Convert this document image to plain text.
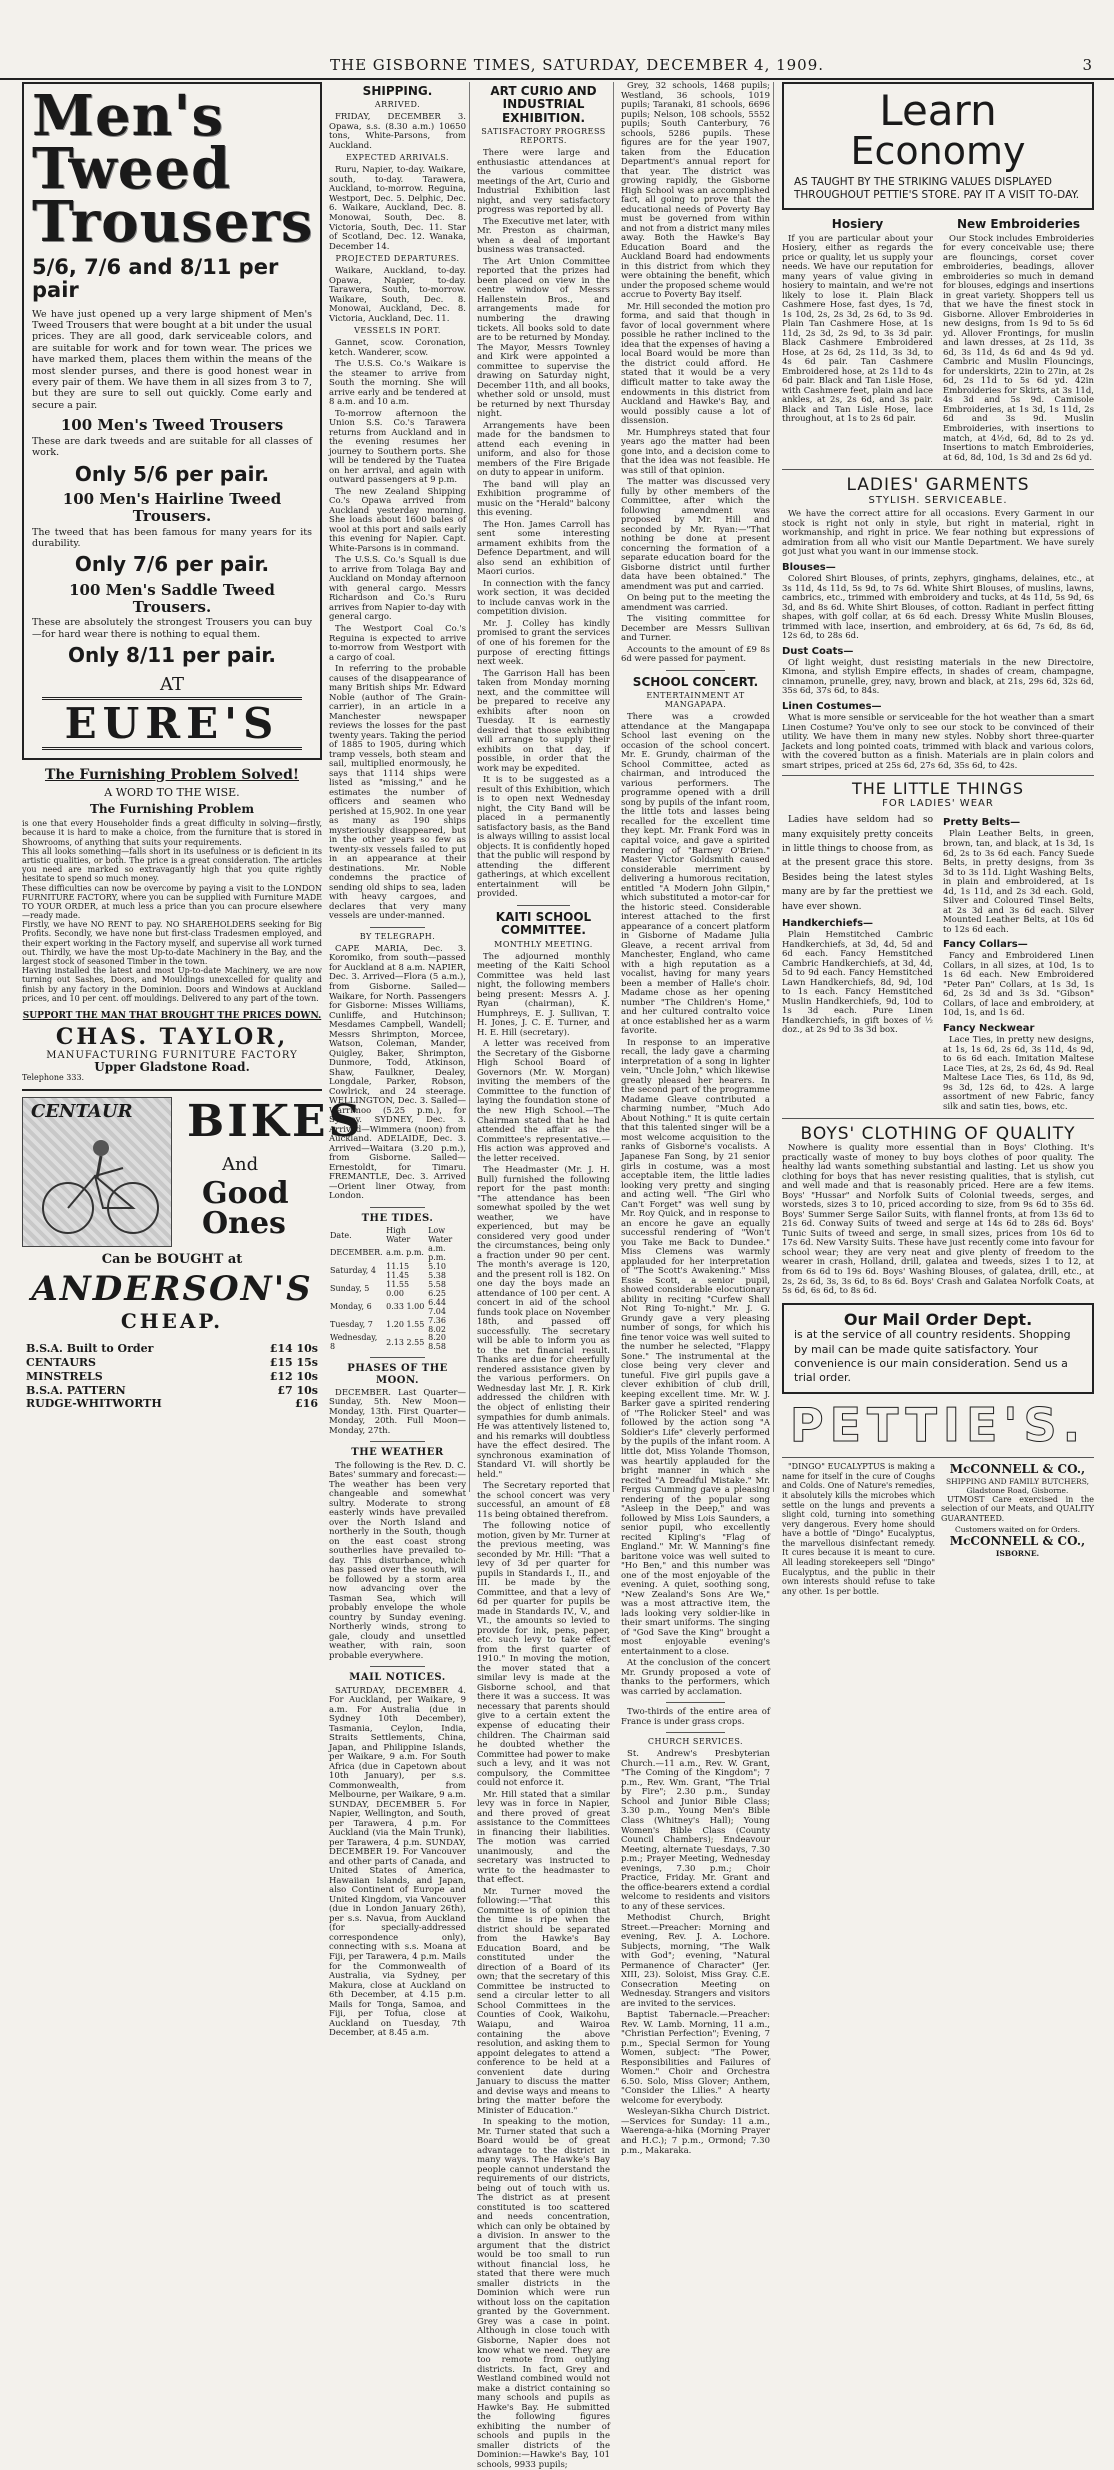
THE GISBORNE TIMES, SATURDAY, DECEMBER 4, 1909.	3
Men's
Tweed
Trousers
5/6, 7/6 and 8/11 per pair
We have just opened up a very large shipment of Men's Tweed Trousers that were bought at a bit under the usual prices. They are all good, dark serviceable colors, and are suitable for work and for town wear. The prices we have marked them, places them within the means of the most slender purses, and there is good honest wear in every pair of them. We have them in all sizes from 3 to 7, but they are sure to sell out quickly. Come early and secure a pair.
100 Men's Tweed Trousers
These are dark tweeds and are suitable for all classes of work.
Only 5/6 per pair.
100 Men's Hairline Tweed Trousers.
The tweed that has been famous for many years for its durability.
Only 7/6 per pair.
100 Men's Saddle Tweed Trousers.
These are absolutely the strongest Trousers you can buy—for hard wear there is nothing to equal them.
Only 8/11 per pair.
AT
EURE'S
The Furnishing Problem Solved!
A WORD TO THE WISE.
The Furnishing Problem
is one that every Householder finds a great difficulty in solving—firstly, because it is hard to make a choice, from the furniture that is stored in Showrooms, of anything that suits your requirements.
This all looks something—falls short in its usefulness or is deficient in its artistic qualities, or both. The price is a great consideration. The articles you need are marked so extravagantly high that you quite rightly hesitate to spend so much money.
These difficulties can now be overcome by paying a visit to the LONDON FURNITURE FACTORY, where you can be supplied with Furniture MADE TO YOUR ORDER, at much less a price than you can procure elsewhere—ready made.
Firstly, we have NO RENT to pay. NO SHAREHOLDERS seeking for Big Profits. Secondly, we have none but first-class Tradesmen employed, and their expert working in the Factory myself, and supervise all work turned out. Thirdly, we have the most Up-to-date Machinery in the Bay, and the largest stock of seasoned Timber in the town.
Having installed the latest and most Up-to-date Machinery, we are now turning out Sashes, Doors, and Mouldings unexcelled for quality and finish by any factory in the Dominion. Doors and Windows at Auckland prices, and 10 per cent. off mouldings. Delivered to any part of the town.
SUPPORT THE MAN THAT BROUGHT THE PRICES DOWN.
CHAS. TAYLOR,
MANUFACTURING FURNITURE FACTORY
Upper Gladstone Road.
Telephone 333.
CENTAUR BIKES
And
Good
Ones
Can be BOUGHT at
ANDERSON'S
CHEAP.
B.S.A. Built to Order	£14 10s
CENTAURS	£15 15s
MINSTRELS	£12 10s
B.S.A. PATTERN	£7 10s
RUDGE-WHITWORTH	£16
SHIPPING.
ARRIVED.
FRIDAY, DECEMBER 3. Opawa, s.s. (8.30 a.m.) 10650 tons, White-Parsons, from Auckland.
EXPECTED ARRIVALS.
Ruru, Napier, to-day. Waikare, south, to-day. Tarawera, Auckland, to-morrow. Reguina, Westport, Dec. 5. Delphic, Dec. 6. Waikare, Auckland, Dec. 8. Monowai, South, Dec. 8. Victoria, South, Dec. 11. Star of Scotland, Dec. 12. Wanaka, December 14.
PROJECTED DEPARTURES.
Waikare, Auckland, to-day. Opawa, Napier, to-day. Tarawera, South, to-morrow. Waikare, South, Dec. 8. Monowai, Auckland, Dec. 8. Victoria, Auckland, Dec. 11.
VESSELS IN PORT.
Gannet, scow. Coronation, ketch. Wanderer, scow.
The U.S.S. Co.'s Waikare is the steamer to arrive from South the morning. She will arrive early and be tendered at 8 a.m. and 10 a.m.
To-morrow afternoon the Union S.S. Co.'s Tarawera returns from Auckland and in the evening resumes her journey to Southern ports. She will be tendered by the Tuatea on her arrival, and again with outward passengers at 9 p.m.
The new Zealand Shipping Co.'s Opawa arrived from Auckland yesterday morning. She loads about 1600 bales of wool at this port and sails early this evening for Napier. Capt. White-Parsons is in command.
The U.S.S. Co.'s Squall is due to arrive from Tolaga Bay and Auckland on Monday afternoon with general cargo. Messrs Richardson and Co.'s Ruru arrives from Napier to-day with general cargo.
The Westport Coal Co.'s Reguina is expected to arrive to-morrow from Westport with a cargo of coal.
In referring to the probable causes of the disappearance of many British ships Mr. Edward Noble (author of The Grain-carrier), in an article in a Manchester newspaper reviews the losses for the past twenty years. Taking the period of 1885 to 1905, during which tramp vessels, both steam and sail, multiplied enormously, he says that 1114 ships were listed as "missing," and he estimates the number of officers and seamen who perished at 15,902. In one year as many as 190 ships mysteriously disappeared, but in the other years so few as twenty-six vessels failed to put in an appearance at their destinations. Mr. Noble condemns the practice of sending old ships to sea, laden with heavy cargoes, and declares that very many vessels are under-manned.
BY TELEGRAPH.
CAPE MARIA, Dec. 3. Koromiko, from south—passed for Auckland at 8 a.m. NAPIER, Dec. 3. Arrived—Flora (5 a.m.), from Gisborne. Sailed—Waikare, for North. Passengers for Gisborne: Misses Williams, Cunliffe, and Hutchinson; Mesdames Campbell, Wandell; Messrs Shrimpton, Morcee, Watson, Coleman, Mander, Quigley, Baker, Shrimpton, Dunmore, Todd, Atkinson, Shaw, Faulkner, Dealey, Longdale, Parker, Robson, Cowlrick, and 24 steerage. WELLINGTON, Dec. 3. Sailed—Warrimoo (5.25 p.m.), for Sydney. SYDNEY, Dec. 3. Arrived—Wimmera (noon) from Auckland. ADELAIDE, Dec. 3. Arrived—Waitara (3.20 p.m.), from Gisborne. Sailed—Ernestoldt, for Timaru. FREMANTLE, Dec. 3. Arrived—Orient liner Otway, from London.
THE TIDES.
Date.	High Water	Low Water
DECEMBER.	a.m. p.m.	a.m. p.m.
Saturday, 4	11.15 11.45	5.10 5.38
Sunday, 5	11.55 0.00	5.58 6.25
Monday, 6	0.33 1.00	6.44 7.04
Tuesday, 7	1.20 1.55	7.36 8.02
Wednesday, 8	2.13 2.55	8.20 8.58
PHASES OF THE MOON.
DECEMBER. Last Quarter—Sunday, 5th. New Moon—Monday, 13th. First Quarter—Monday, 20th. Full Moon—Monday, 27th.
THE WEATHER
The following is the Rev. D. C. Bates' summary and forecast:—The weather has been very changeable and somewhat sultry. Moderate to strong easterly winds have prevailed over the North Island and northerly in the South, though on the east coast strong southerlies have prevailed to-day. This disturbance, which has passed over the south, will be followed by a storm area now advancing over the Tasman Sea, which will probably envelope the whole country by Sunday evening. Northerly winds, strong to gale, cloudy and unsettled weather, with rain, soon probable everywhere.
MAIL NOTICES.
SATURDAY, DECEMBER 4. For Auckland, per Waikare, 9 a.m. For Australia (due in Sydney 10th December), Tasmania, Ceylon, India, Straits Settlements, China, Japan, and Philippine Islands, per Waikare, 9 a.m. For South Africa (due in Capetown about 10th January), per s.s. Commonwealth, from Melbourne, per Waikare, 9 a.m. SUNDAY, DECEMBER 5. For Napier, Wellington, and South, per Tarawera, 4 p.m. For Auckland (via the Main Trunk), per Tarawera, 4 p.m. SUNDAY, DECEMBER 19. For Vancouver and other parts of Canada, and United States of America, Hawaiian Islands, and Japan, also Continent of Europe and United Kingdom, via Vancouver (due in London January 26th), per s.s. Navua, from Auckland (for specially-addressed correspondence only), connecting with s.s. Moana at Fiji, per Tarawera, 4 p.m. Mails for the Commonwealth of Australia, via Sydney, per Makura, close at Auckland on 6th December, at 4.15 p.m. Mails for Tonga, Samoa, and Fiji, per Tofua, close at Auckland on Tuesday, 7th December, at 8.45 a.m.
ART CURIO AND INDUSTRIAL EXHIBITION.
SATISFACTORY PROGRESS REPORTS.
There were large and enthusiastic attendances at the various committee meetings of the Art, Curio and Industrial Exhibition last night, and very satisfactory progress was reported by all.
The Executive met later, with Mr. Preston as chairman, when a deal of important business was transacted.
The Art Union Committee reported that the prizes had been placed on view in the centre window of Messrs Hallenstein Bros., and arrangements made for numbering the drawing tickets. All books sold to date are to be returned by Monday. The Mayor, Messrs Townley and Kirk were appointed a committee to supervise the drawing on Saturday night, December 11th, and all books, whether sold or unsold, must be returned by next Thursday night.
Arrangements have been made for the bandsmen to attend each evening in uniform, and also for those members of the Fire Brigade on duty to appear in uniform.
The band will play an Exhibition programme of music on the "Herald" balcony this evening.
The Hon. James Carroll has sent some interesting armament exhibits from the Defence Department, and will also send an exhibition of Maori curios.
In connection with the fancy work section, it was decided to include canvas work in the competition division.
Mr. J. Colley has kindly promised to grant the services of one of his foremen for the purpose of erecting fittings next week.
The Garrison Hall has been taken from Monday morning next, and the committee will be prepared to receive any exhibits after noon on Tuesday. It is earnestly desired that those exhibiting will arrange to supply their exhibits on that day, if possible, in order that the work may be expedited.
It is to be suggested as a result of this Exhibition, which is to open next Wednesday night, the City Band will be placed in a permanently satisfactory basis, as the Band is always willing to assist local objects. It is confidently hoped that the public will respond by attending the different gatherings, at which excellent entertainment will be provided.
KAITI SCHOOL COMMITTEE.
MONTHLY MEETING.
The adjourned monthly meeting of the Kaiti School Committee was held last night, the following members being present: Messrs A. J. Ryan (chairman), K. Humphreys, E. J. Sullivan, T. H. Jones, J. C. E. Turner, and H. E. Hill (secretary).
A letter was received from the Secretary of the Gisborne High School Board of Governors (Mr. W. Morgan) inviting the members of the Committee to the function of laying the foundation stone of the new High School.—The Chairman stated that he had attended the affair as the Committee's representative.—His action was approved and the letter received.
The Headmaster (Mr. J. H. Bull) furnished the following report for the past month: "The attendance has been somewhat spoiled by the wet weather, we have experienced, but may be considered very good under the circumstances, being only a fraction under 90 per cent. The month's average is 120, and the present roll is 182. On one day the boys made an attendance of 100 per cent. A concert in aid of the school funds took place on November 18th, and passed off successfully. The secretary will be able to inform you as to the net financial result. Thanks are due for cheerfully rendered assistance given by the various performers. On Wednesday last Mr. J. R. Kirk addressed the children with the object of enlisting their sympathies for dumb animals. He was attentively listened to, and his remarks will doubtless have the effect desired. The synchronous examination of Standard VI. will shortly be held."
The Secretary reported that the school concert was very successful, an amount of £8 11s being obtained therefrom.
The following notice of motion, given by Mr. Turner at the previous meeting, was seconded by Mr. Hill: "That a levy of 3d per quarter for pupils in Standards I., II., and III. be made by the Committee, and that a levy of 6d per quarter for pupils be made in Standards IV., V., and VI., the amounts so levied to provide for ink, pens, paper, etc. such levy to take effect from the first quarter of 1910." In moving the motion, the mover stated that a similar levy is made at the Gisborne school, and that there it was a success. It was necessary that parents should give to a certain extent the expense of educating their children. The Chairman said he doubted whether the Committee had power to make such a levy, and it was not compulsory, the Committee could not enforce it.
Mr. Hill stated that a similar levy was in force in Napier, and there proved of great assistance to the Committees in financing their liabilities. The motion was carried unanimously, and the secretary was instructed to write to the headmaster to that effect.
Mr. Turner moved the following:—"That this Committee is of opinion that the time is ripe when the district should be separated from the Hawke's Bay Education Board, and be constituted under the direction of a Board of its own; that the secretary of this Committee be instructed to send a circular letter to all School Committees in the Counties of Cook, Waikohu, Waiapu, and Wairoa containing the above resolution, and asking them to appoint delegates to attend a conference to be held at a convenient date during January to discuss the matter and devise ways and means to bring the matter before the Minister of Education."
In speaking to the motion, Mr. Turner stated that such a Board would be of great advantage to the district in many ways. The Hawke's Bay people cannot understand the requirements of our districts, being out of touch with us. The district as at present constituted is too scattered and needs concentration, which can only be obtained by a division. In answer to the argument that the district would be too small to run without financial loss, he stated that there were much smaller districts in the Dominion which were run without loss on the capitation granted by the Government. Grey was a case in point. Although in close touch with Gisborne, Napier does not know what we need. They are too remote from outlying districts. In fact, Grey and Westland combined would not make a district containing so many schools and pupils as Hawke's Bay. He submitted the following figures exhibiting the number of schools and pupils in the smaller districts of the Dominion:—Hawke's Bay, 101 schools, 9933 pupils;
Grey, 32 schools, 1468 pupils; Westland, 36 schools, 1019 pupils; Taranaki, 81 schools, 6696 pupils; Nelson, 108 schools, 5552 pupils; South Canterbury, 76 schools, 5286 pupils. These figures are for the year 1907, taken from the Education Department's annual report for that year. The district was growing rapidly, the Gisborne High School was an accomplished fact, all going to prove that the educational needs of Poverty Bay must be governed from within and not from a district many miles away. Both the Hawke's Bay Education Board and the Auckland Board had endowments in this district from which they were obtaining the benefit, which under the proposed scheme would accrue to Poverty Bay itself.
Mr. Hill seconded the motion pro forma, and said that though in favor of local government where possible he rather inclined to the idea that the expenses of having a local Board would be more than the district could afford. He stated that it would be a very difficult matter to take away the endowments in this district from Auckland and Hawke's Bay, and would possibly cause a lot of dissension.
Mr. Humphreys stated that four years ago the matter had been gone into, and a decision come to that the idea was not feasible. He was still of that opinion.
The matter was discussed very fully by other members of the Committee, after which the following amendment was proposed by Mr. Hill and seconded by Mr. Ryan:—"That nothing be done at present concerning the formation of a separate education board for the Gisborne district until further data have been obtained." The amendment was put and carried.
On being put to the meeting the amendment was carried.
The visiting committee for December are Messrs Sullivan and Turner.
Accounts to the amount of £9 8s 6d were passed for payment.
SCHOOL CONCERT.
ENTERTAINMENT AT MANGAPAPA.
There was a crowded attendance at the Mangapapa School last evening on the occasion of the school concert. Mr. E. Grundy, chairman of the School Committee, acted as chairman, and introduced the various performers. The programme opened with a drill song by pupils of the infant room, the little tots and lasses being recalled for the excellent time they kept. Mr. Frank Ford was in capital voice, and gave a spirited rendering of "Barney O'Brien." Master Victor Goldsmith caused considerable merriment by delivering a humorous recitation, entitled "A Modern John Gilpin," which substituted a motor-car for the historic steed. Considerable interest attached to the first appearance of a concert platform in Gisborne of Madame Julia Gleave, a recent arrival from Manchester, England, who came with a high reputation as a vocalist, having for many years been a member of Halle's choir. Madame chose as her opening number "The Children's Home," and her cultured contralto voice at once established her as a warm favorite.
In response to an imperative recall, the lady gave a charming interpretation of a song in lighter vein, "Uncle John," which likewise greatly pleased her hearers. In the second part of the programme Madame Gleave contributed a charming number, "Much Ado About Nothing." It is quite certain that this talented singer will be a most welcome acquisition to the ranks of Gisborne's vocalists. A Japanese Fan Song, by 21 senior girls in costume, was a most acceptable item, the little ladies looking very pretty and singing and acting well. "The Girl who Can't Forget" was well sung by Mr. Roy Quick, and in response to an encore he gave an equally successful rendering of "Won't you Take me Back to Dundee." Miss Clemens was warmly applauded for her interpretation of "The Scott's Awakening." Miss Essie Scott, a senior pupil, showed considerable elocutionary ability in reciting "Curfew Shall Not Ring To-night." Mr. J. G. Grundy gave a very pleasing number of songs, for which his fine tenor voice was well suited to the number he selected, "Flappy Sone." The instrumental at the close being very clever and tuneful. Five girl pupils gave a clever exhibition of club drill, keeping excellent time. Mr. W. J. Barker gave a spirited rendering of "The Rolicker Steel" and was followed by the action song "A Soldier's Life" cleverly performed by the pupils of the infant room. A little dot, Miss Yolande Thomson, was heartily applauded for the bright manner in which she recited "A Dreadful Mistake." Mr. Fergus Cumming gave a pleasing rendering of the popular song "Asleep in the Deep," and was followed by Miss Lois Saunders, a senior pupil, who excellently recited Kipling's "Flag of England." Mr. W. Manning's fine baritone voice was well suited to "Ho Ben," and this number was one of the most enjoyable of the evening. A quiet, soothing song, "New Zealand's Sons Are We," was a most attractive item, the lads looking very soldier-like in their smart uniforms. The singing of "God Save the King" brought a most enjoyable evening's entertainment to a close.
At the conclusion of the concert Mr. Grundy proposed a vote of thanks to the performers, which was carried by acclamation.
Two-thirds of the entire area of France is under grass crops.
CHURCH SERVICES.
St. Andrew's Presbyterian Church.—11 a.m., Rev. W. Grant, "The Coming of the Kingdom"; 7 p.m., Rev. Wm. Grant, "The Trial by Fire"; 2.30 p.m., Sunday School and Junior Bible Class; 3.30 p.m., Young Men's Bible Class (Whitney's Hall); Young Women's Bible Class (County Council Chambers); Endeavour Meeting, alternate Tuesdays, 7.30 p.m.; Prayer Meeting, Wednesday evenings, 7.30 p.m.; Choir Practice, Friday. Mr. Grant and the office-bearers extend a cordial welcome to residents and visitors to any of these services.
Methodist Church, Bright Street.—Preacher: Morning and evening, Rev. J. A. Lochore. Subjects, morning, "The Walk with God"; evening, "Natural Permanence of Character" (Jer. XIII, 23). Soloist, Miss Gray. C.E. Consecration Meeting on Wednesday. Strangers and visitors are invited to the services.
Baptist Tabernacle.—Preacher: Rev. W. Lamb. Morning, 11 a.m., "Christian Perfection"; Evening, 7 p.m., Special Sermon for Young Women, subject: "The Power, Responsibilities and Failures of Women." Choir and Orchestra 6.50. Solo, Miss Glover; Anthem, "Consider the Lilies." A hearty welcome for everybody.
Wesleyan-Sikha Church District.—Services for Sunday: 11 a.m., Waerenga-a-hika (Morning Prayer and H.C.); 7 p.m., Ormond; 7.30 p.m., Makaraka.
Learn
Economy
AS TAUGHT BY THE STRIKING VALUES DISPLAYED THROUGHOUT PETTIE'S STORE. PAY IT A VISIT TO-DAY.
Hosiery
If you are particular about your Hosiery, either as regards the price or quality, let us supply your needs. We have our reputation for many years of value giving in hosiery to maintain, and we're not likely to lose it. Plain Black Cashmere Hose, fast dyes, 1s 7d, 1s 10d, 2s, 2s 3d, 2s 6d, to 3s 9d. Plain Tan Cashmere Hose, at 1s 11d, 2s 3d, 2s 9d, to 3s 3d pair. Black Cashmere Embroidered Hose, at 2s 6d, 2s 11d, 3s 3d, to 4s 6d pair. Tan Cashmere Embroidered hose, at 2s 11d to 4s 6d pair. Black and Tan Lisle Hose, with Cashmere feet, plain and lace ankles, at 2s, 2s 6d, and 3s pair. Black and Tan Lisle Hose, lace throughout, at 1s to 2s 6d pair.
New Embroideries
Our Stock includes Embroideries for every conceivable use; there are flouncings, corset cover embroideries, beadings, allover embroideries so much in demand for blouses, edgings and insertions in great variety. Shoppers tell us that we have the finest stock in Gisborne. Allover Embroideries in new designs, from 1s 9d to 5s 6d yd. Allover Frontings, for muslin and lawn dresses, at 2s 11d, 3s 6d, 3s 11d, 4s 6d and 4s 9d yd. Cambric and Muslin Flouncings, for underskirts, 22in to 27in, at 2s 6d, 2s 11d to 5s 6d yd. 42in Embroideries for Skirts, at 3s 11d, 4s 3d and 5s 9d. Camisole Embroideries, at 1s 3d, 1s 11d, 2s 6d and 3s 9d. Muslin Embroideries, with insertions to match, at 4½d, 6d, 8d to 2s yd. Insertions to match Embroideries, at 6d, 8d, 10d, 1s 3d and 2s 6d yd.
LADIES' GARMENTS
STYLISH. SERVICEABLE.
We have the correct attire for all occasions. Every Garment in our stock is right not only in style, but right in material, right in workmanship, and right in price. We fear nothing but expressions of admiration from all who visit our Mantle Department. We have surely got just what you want in our immense stock.
Blouses—
Colored Shirt Blouses, of prints, zephyrs, ginghams, delaines, etc., at 3s 11d, 4s 11d, 5s 9d, to 7s 6d. White Shirt Blouses, of muslins, lawns, cambrics, etc., trimmed with embroidery and tucks, at 4s 11d, 5s 9d, 6s 3d, and 8s 6d. White Shirt Blouses, of cotton. Radiant in perfect fitting shapes, with golf collar, at 6s 6d each. Dressy White Muslin Blouses, trimmed with lace, insertion, and embroidery, at 6s 6d, 7s 6d, 8s 6d, 12s 6d, to 28s 6d.
Dust Coats—
Of light weight, dust resisting materials in the new Directoire, Kimona, and stylish Empire effects, in shades of cream, champagne, cinnamon, prunelle, grey, navy, brown and black, at 21s, 29s 6d, 32s 6d, 35s 6d, 37s 6d, to 84s.
Linen Costumes—
What is more sensible or serviceable for the hot weather than a smart Linen Costume? You've only to see our stock to be convinced of their utility. We have them in many new styles. Nobby short three-quarter Jackets and long pointed coats, trimmed with black and various colors, with the covered button as a finish. Materials are in plain colors and smart stripes, priced at 25s 6d, 27s 6d, 35s 6d, to 42s.
THE LITTLE THINGS
FOR LADIES' WEAR
Ladies have seldom had so many exquisitely pretty conceits in little things to choose from, as at the present grace this store. Besides being the latest styles many are by far the prettiest we have ever shown.
Handkerchiefs—
Plain Hemstitched Cambric Handkerchiefs, at 3d, 4d, 5d and 6d each. Fancy Hemstitched Cambric Handkerchiefs, at 3d, 4d, 5d to 9d each. Fancy Hemstitched Lawn Handkerchiefs, 8d, 9d, 10d to 1s each. Fancy Hemstitched Muslin Handkerchiefs, 9d, 10d to 1s 3d each. Pure Linen Handkerchiefs, in gift boxes of ½ doz., at 2s 9d to 3s 3d box.
Pretty Belts—
Plain Leather Belts, in green, brown, tan, and black, at 1s 3d, 1s 6d, 2s to 3s 6d each. Fancy Suede Belts, in pretty designs, from 3s 3d to 3s 11d. Light Washing Belts, in plain and embroidered, at 1s 4d, 1s 11d, and 2s 3d each. Gold, Silver and Coloured Tinsel Belts, at 2s 3d and 3s 6d each. Silver Mounted Leather Belts, at 10s 6d to 12s 6d each.
Fancy Collars—
Fancy and Embroidered Linen Collars, in all sizes, at 10d, 1s to 1s 6d each. New Embroidered "Peter Pan" Collars, at 1s 3d, 1s 6d, 2s 3d and 3s 3d. "Gibson" Collars, of lace and embroidery, at 10d, 1s, and 1s 6d.
Fancy Neckwear
Lace Ties, in pretty new designs, at 1s, 1s 6d, 2s 6d, 3s 11d, 4s 9d, to 6s 6d each. Imitation Maltese Lace Ties, at 2s, 2s 6d, 4s 9d. Real Maltese Lace Ties, 6s 11d, 8s 9d, 9s 3d, 12s 6d, to 42s. A large assortment of new Fabric, fancy silk and satin ties, bows, etc.
BOYS' CLOTHING OF QUALITY
Nowhere is quality more essential than in Boys' Clothing. It's practically waste of money to buy boys clothes of poor quality. The healthy lad wants something substantial and lasting. Let us show you clothing for boys that has never resisting qualities, that is stylish, cut and well made and that is reasonably priced. Here are a few items. Boys' "Hussar" and Norfolk Suits of Colonial tweeds, serges, and worsteds, sizes 3 to 10, priced according to size, from 9s 6d to 35s 6d. Boys' Summer Serge Sailor Suits, with flannel fronts, at from 13s 6d to 21s 6d. Conway Suits of tweed and serge at 14s 6d to 28s 6d. Boys' Tunic Suits of tweed and serge, in small sizes, prices from 10s 6d to 17s 6d. New Varsity Suits. These have just recently come into favour for school wear; they are very neat and give plenty of freedom to the wearer in crash, Holland, drill, galatea and tweeds, sizes 1 to 12, at from 6s 6d to 19s 6d. Boys' Washing Blouses, of galatea, drill, etc., at 2s, 2s 6d, 3s, 3s 6d, to 8s 6d. Boys' Crash and Galatea Norfolk Coats, at 5s 6d, 6s 6d, to 8s 6d.
Our Mail Order Dept.
is at the service of all country residents. Shopping by mail can be made quite satisfactory. Your convenience is our main consideration. Send us a trial order.
PETTIE'S.
"DINGO" EUCALYPTUS is making a name for itself in the cure of Coughs and Colds. One of Nature's remedies, it absolutely kills the microbes which settle on the lungs and prevents a slight cold, turning into something very dangerous. Every home should have a bottle of "Dingo" Eucalyptus, the marvellous disinfectant remedy. It cures because it is meant to cure. All leading storekeepers sell "Dingo" Eucalyptus, and the public in their own interests should refuse to take any other. 1s per bottle.
McCONNELL & CO.,
SHIPPING AND FAMILY BUTCHERS,
Gladstone Road, Gisborne.
UTMOST Care exercised in the selection of our Meats, and QUALITY GUARANTEED.
Customers waited on for Orders.
McCONNELL & CO.,
ISBORNE.
